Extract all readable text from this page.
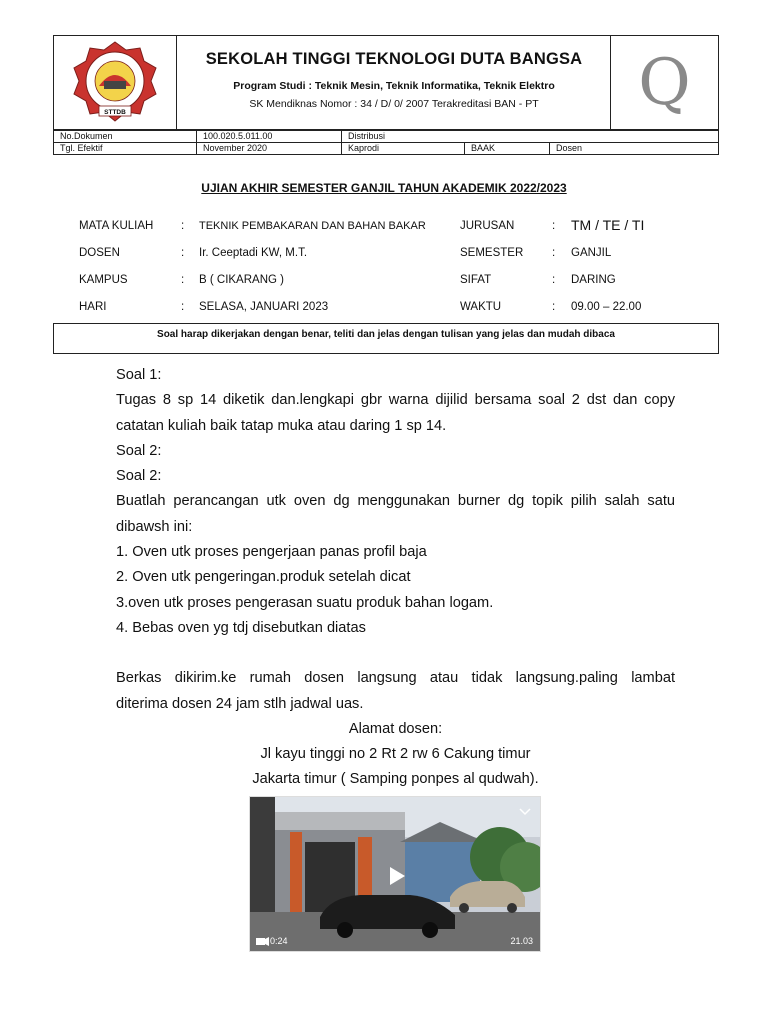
STTDB
SEKOLAH TINGGI TEKNOLOGI DUTA BANGSA
Program Studi : Teknik Mesin, Teknik Informatika, Teknik Elektro
SK Mendiknas Nomor : 34 / D/ 0/ 2007 Terakreditasi BAN - PT	Q
No.Dokumen	100.020.5.011.00	Distribusi		
Tgl. Efektif	November 2020	Kaprodi	BAAK	Dosen
UJIAN AKHIR SEMESTER GANJIL TAHUN AKADEMIK 2022/2023
MATA KULIAH : TEKNIK PEMBAKARAN DAN BAHAN BAKAR	JURUSAN	: TM / TE / TI
DOSEN	: Ir. Ceeptadi KW, M.T.	SEMESTER : GANJIL
KAMPUS	: B ( CIKARANG )	SIFAT	: DARING
HARI	: SELASA, JANUARI 2023	WAKTU	: 09.00 – 22.00
Soal harap dikerjakan dengan benar, teliti dan jelas dengan tulisan yang jelas dan mudah dibaca

Soal 1:

Tugas 8 sp 14 diketik dan.lengkapi gbr warna dijilid bersama soal 2 dst dan copy

catatan kuliah baik tatap muka atau daring 1 sp 14.

Soal 2:

Soal 2:

Buatlah perancangan utk oven dg menggunakan burner dg topik pilih salah satu

dibawsh ini:

1. Oven utk proses pengerjaan panas profil baja

2. Oven utk pengeringan.produk setelah dicat

3.oven utk proses pengerasan suatu produk bahan logam.

4. Bebas oven yg tdj disebutkan diatas

Berkas dikirim.ke rumah dosen langsung atau tidak langsung.paling lambat

diterima dosen 24 jam stlh jadwal uas.

Alamat dosen:

Jl kayu tinggi no 2 Rt 2 rw 6 Cakung timur

Jakarta timur ( Samping ponpes al qudwah).

0:24	21.03
